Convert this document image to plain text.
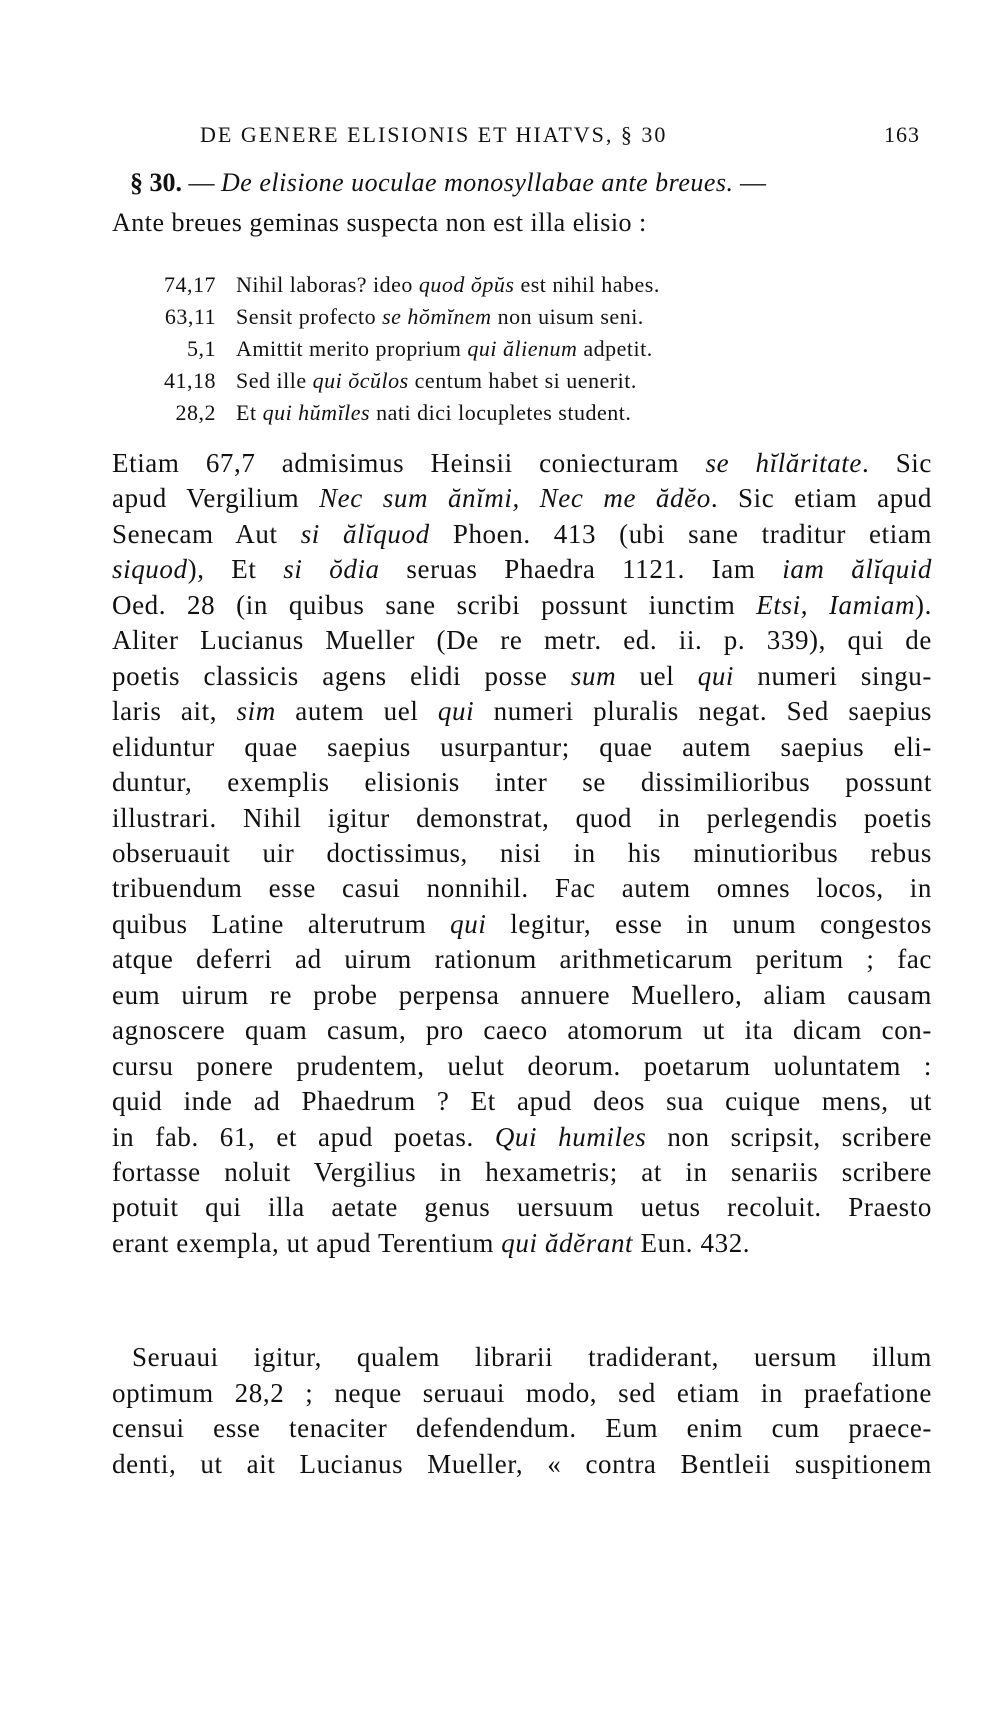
DE GENERE ELISIONIS ET HIATVS, § 30	163
§ 30. — De elisione uoculae monosyllabae ante breues. —
Ante breues geminas suspecta non est illa elisio :
74,17 Nihil laboras? ideo quod ŏpŭs est nihil habes.
63,11 Sensit profecto se hŏmĭnem non uisum seni.
5,1 Amittit merito proprium qui ălienum adpetit.
41,18 Sed ille qui ŏcŭlos centum habet si uenerit.
28,2 Et qui hŭmĭles nati dici locupletes student.
Etiam 67,7 admisimus Heinsii coniecturam se hĭlăritate. Sic
apud Vergilium Nec sum ănĭmi, Nec me ădĕo. Sic etiam apud
Senecam Aut si ălĭquod Phoen. 413 (ubi sane traditur etiam
siquod), Et si ŏdia seruas Phaedra 1121. Iam iam ălĭquid
Oed. 28 (in quibus sane scribi possunt iunctim Etsi, Iamiam).
Aliter Lucianus Mueller (De re metr. ed. ii. p. 339), qui de
poetis classicis agens elidi posse sum uel qui numeri singu-
laris ait, sim autem uel qui numeri pluralis negat. Sed saepius
eliduntur quae saepius usurpantur; quae autem saepius eli-
duntur, exemplis elisionis inter se dissimilioribus possunt
illustrari. Nihil igitur demonstrat, quod in perlegendis poetis
obseruauit uir doctissimus, nisi in his minutioribus rebus
tribuendum esse casui nonnihil. Fac autem omnes locos, in
quibus Latine alterutrum qui legitur, esse in unum congestos
atque deferri ad uirum rationum arithmeticarum peritum ; fac
eum uirum re probe perpensa annuere Muellero, aliam causam
agnoscere quam casum, pro caeco atomorum ut ita dicam con-
cursu ponere prudentem, uelut deorum. poetarum uoluntatem :
quid inde ad Phaedrum ? Et apud deos sua cuique mens, ut
in fab. 61, et apud poetas. Qui humiles non scripsit, scribere
fortasse noluit Vergilius in hexametris; at in senariis scribere
potuit qui illa aetate genus uersuum uetus recoluit. Praesto
erant exempla, ut apud Terentium qui ădĕrant Eun. 432.
Seruaui igitur, qualem librarii tradiderant, uersum illum
optimum 28,2 ; neque seruaui modo, sed etiam in praefatione
censui esse tenaciter defendendum. Eum enim cum praece-
denti, ut ait Lucianus Mueller, « contra Bentleii suspitionem
